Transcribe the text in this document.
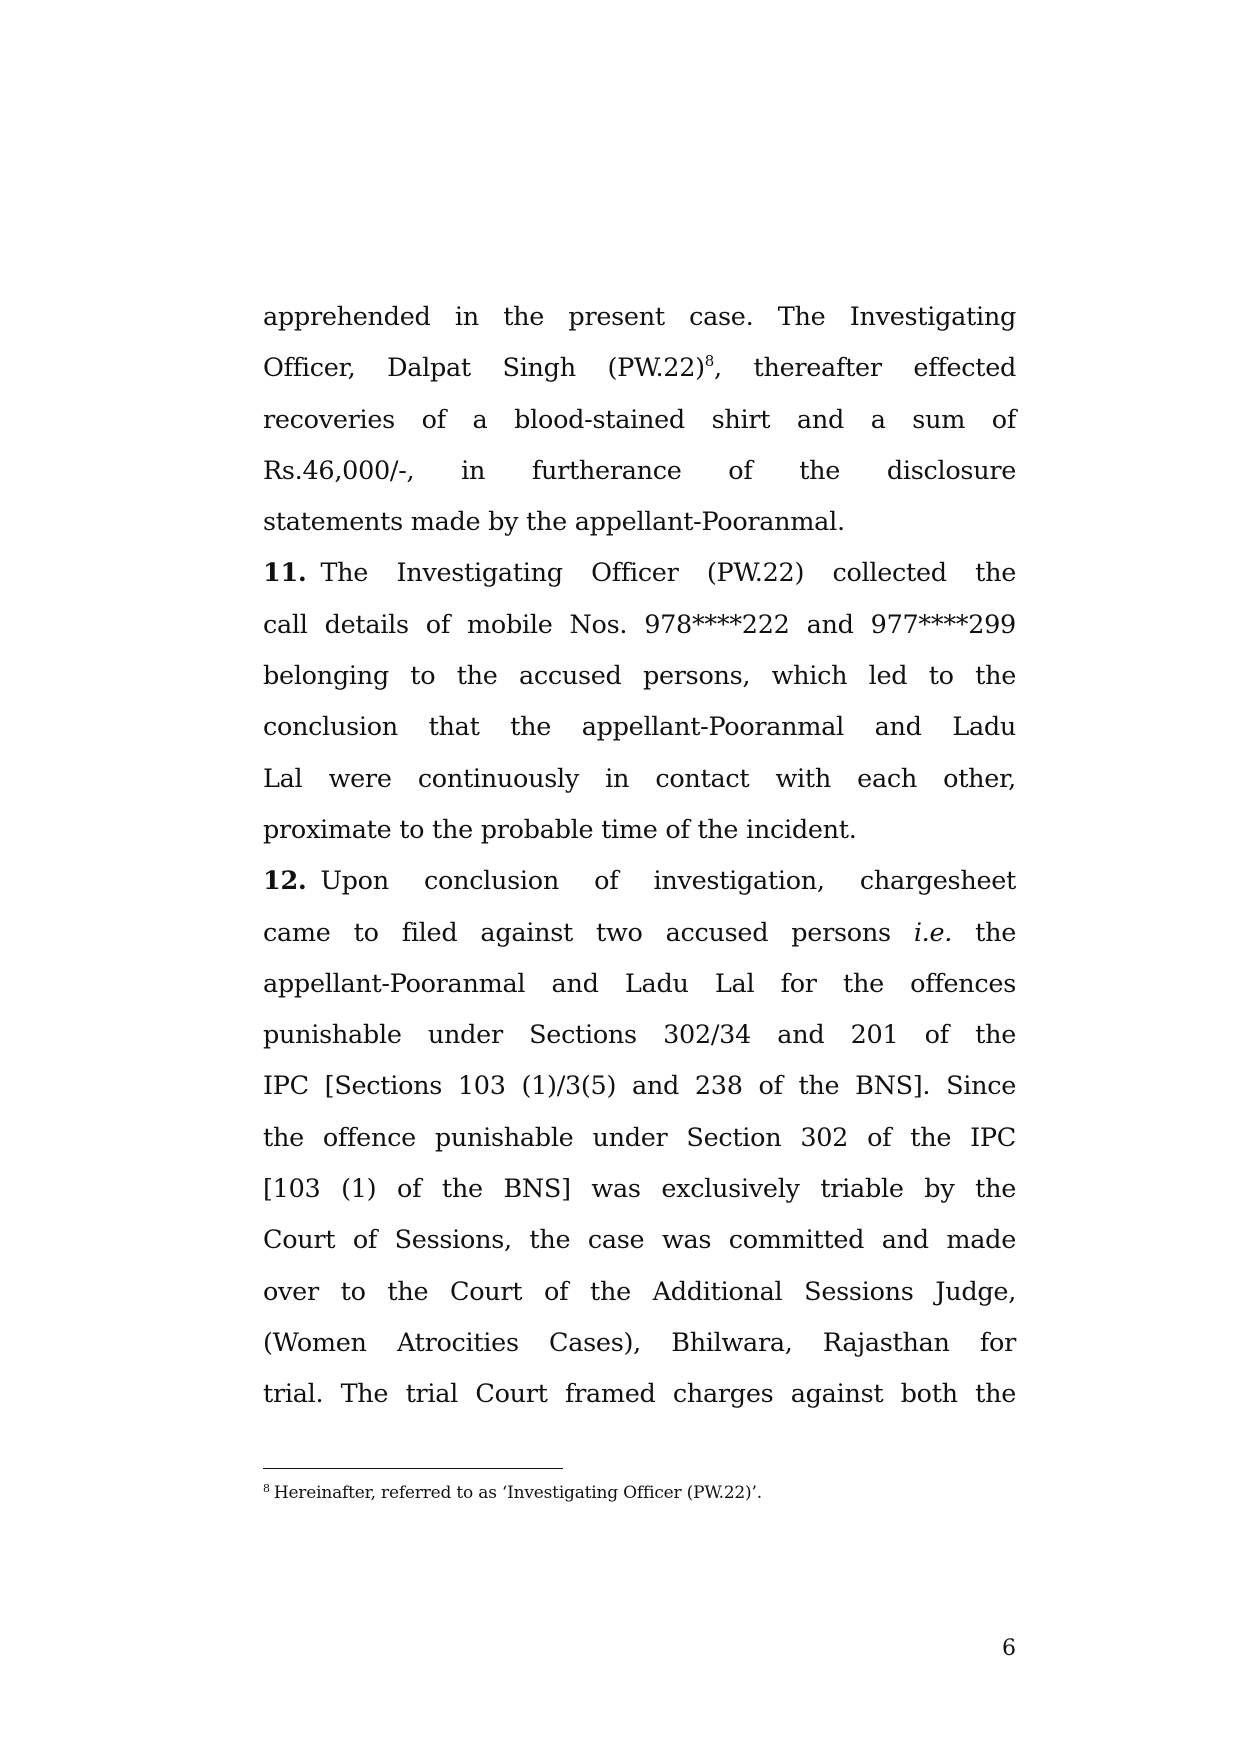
apprehended in the present case. The Investigating
Officer, Dalpat Singh $(PW.22)^8$, thereafter effected
recoveries of a blood-stained shirt and a sum of
Rs.46,000/-, in furtherance of the disclosure
statements made by the appellant-Pooranmal.
11. The Investigating Officer (PW.22) collected the
call details of mobile Nos. 978****222 and 977****299
belonging to the accused persons, which led to the
conclusion that the appellant-Pooranmal and Ladu
Lal were continuously in contact with each other,
proximate to the probable time of the incident.
12. Upon conclusion of investigation, chargesheet
came to filed against two accused persons i.e. the
appellant-Pooranmal and Ladu Lal for the offences
punishable under Sections 302/34 and 201 of the
IPC [Sections 103 (1)/3(5) and 238 of the BNS]. Since
the offence punishable under Section 302 of the IPC
[103 (1) of the BNS] was exclusively triable by the
Court of Sessions, the case was committed and made
over to the Court of the Additional Sessions Judge,
(Women Atrocities Cases), Bhilwara, Rajasthan for
trial. The trial Court framed charges against both the
$^8$ Hereinafter, referred to as ‘Investigating Officer (PW.22)’.
6
